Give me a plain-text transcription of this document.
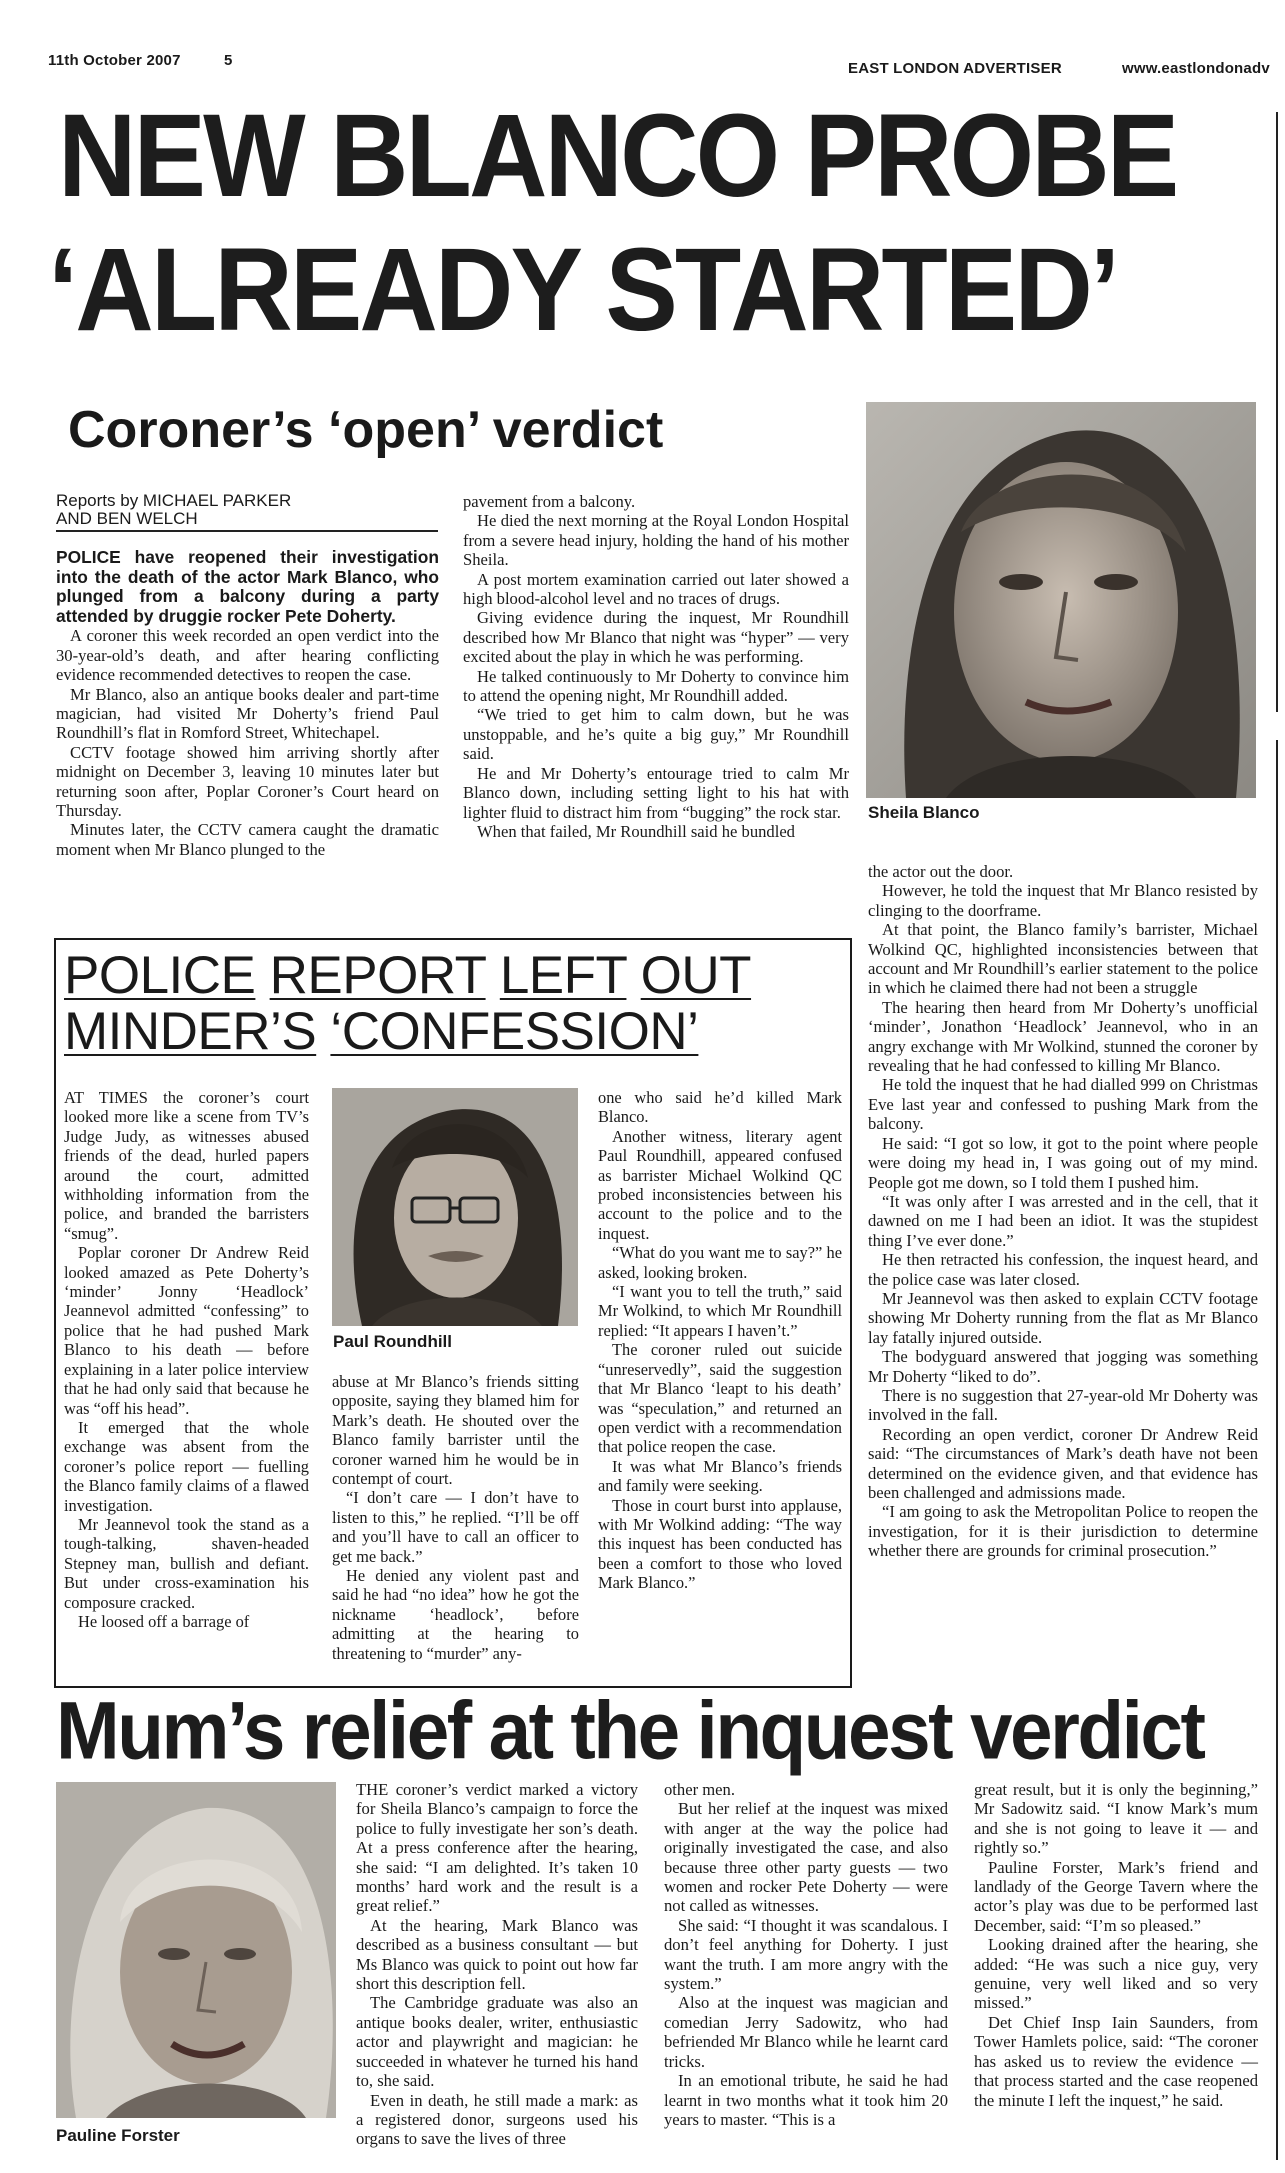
11th October 2007	5	EAST LONDON ADVERTISER	www.eastlondonadv
NEW BLANCO PROBE
‘ALREADY STARTED’
Coroner’s ‘open’ verdict
Sheila Blanco
Reports by MICHAEL PARKER
AND BEN WELCH

POLICE have reopened their investigation into the death of the actor Mark Blanco, who plunged from a balcony during a party attended by druggie rocker Pete Doherty.

A coroner this week recorded an open verdict into the 30-year-old’s death, and after hearing conflicting evidence recommended detectives to reopen the case.

Mr Blanco, also an antique books dealer and part-time magician, had visited Mr Doherty’s friend Paul Roundhill’s flat in Romford Street, Whitechapel.

CCTV footage showed him arriving shortly after midnight on December 3, leaving 10 minutes later but returning soon after, Poplar Coroner’s Court heard on Thursday.

Minutes later, the CCTV camera caught the dramatic moment when Mr Blanco plunged to the

pavement from a balcony.

He died the next morning at the Royal London Hospital from a severe head injury, holding the hand of his mother Sheila.

A post mortem examination carried out later showed a high blood-alcohol level and no traces of drugs.

Giving evidence during the inquest, Mr Roundhill described how Mr Blanco that night was “hyper” — very excited about the play in which he was performing.

He talked continuously to Mr Doherty to convince him to attend the opening night, Mr Roundhill added.

“We tried to get him to calm down, but he was unstoppable, and he’s quite a big guy,” Mr Roundhill said.

He and Mr Doherty’s entourage tried to calm Mr Blanco down, including setting light to his hat with lighter fluid to distract him from “bugging” the rock star.

When that failed, Mr Roundhill said he bundled

the actor out the door.

However, he told the inquest that Mr Blanco resisted by clinging to the doorframe.

At that point, the Blanco family’s barrister, Michael Wolkind QC, highlighted inconsistencies between that account and Mr Roundhill’s earlier statement to the police in which he claimed there had not been a struggle

The hearing then heard from Mr Doherty’s unofficial ‘minder’, Jonathon ‘Headlock’ Jeannevol, who in an angry exchange with Mr Wolkind, stunned the coroner by revealing that he had confessed to killing Mr Blanco.

He told the inquest that he had dialled 999 on Christmas Eve last year and confessed to pushing Mark from the balcony.

He said: “I got so low, it got to the point where people were doing my head in, I was going out of my mind. People got me down, so I told them I pushed him.

“It was only after I was arrested and in the cell, that it dawned on me I had been an idiot. It was the stupidest thing I’ve ever done.”

He then retracted his confession, the inquest heard, and the police case was later closed.

Mr Jeannevol was then asked to explain CCTV footage showing Mr Doherty running from the flat as Mr Blanco lay fatally injured outside.

The bodyguard answered that jogging was something Mr Doherty “liked to do”.

There is no suggestion that 27-year-old Mr Doherty was involved in the fall.

Recording an open verdict, coroner Dr Andrew Reid said: “The circumstances of Mark’s death have not been determined on the evidence given, and that evidence has been challenged and admissions made.

“I am going to ask the Metropolitan Police to reopen the investigation, for it is their jurisdiction to determine whether there are grounds for criminal prosecution.”

POLICE REPORT LEFT OUT
MINDER’S ‘CONFESSION’

AT TIMES the coroner’s court looked more like a scene from TV’s Judge Judy, as witnesses abused friends of the dead, hurled papers around the court, admitted withholding information from the police, and branded the barristers “smug”.

Poplar coroner Dr Andrew Reid looked amazed as Pete Doherty’s ‘minder’ Jonny ‘Headlock’ Jeannevol admitted “confessing” to police that he had pushed Mark Blanco to his death — before explaining in a later police interview that he had only said that because he was “off his head”.

It emerged that the whole exchange was absent from the coroner’s police report — fuelling the Blanco family claims of a flawed investigation.

Mr Jeannevol took the stand as a tough-talking, shaven-headed Stepney man, bullish and defiant. But under cross-examination his composure cracked.

He loosed off a barrage of

Paul Roundhill

abuse at Mr Blanco’s friends sitting opposite, saying they blamed him for Mark’s death. He shouted over the Blanco family barrister until the coroner warned him he would be in contempt of court.

“I don’t care — I don’t have to listen to this,” he replied. “I’ll be off and you’ll have to call an officer to get me back.”

He denied any violent past and said he had “no idea” how he got the nickname ‘headlock’, before admitting at the hearing to threatening to “murder” any-

one who said he’d killed Mark Blanco.

Another witness, literary agent Paul Roundhill, appeared confused as barrister Michael Wolkind QC probed inconsistencies between his account to the police and to the inquest.

“What do you want me to say?” he asked, looking broken.

“I want you to tell the truth,” said Mr Wolkind, to which Mr Roundhill replied: “It appears I haven’t.”

The coroner ruled out suicide “unreservedly”, said the suggestion that Mr Blanco ‘leapt to his death’ was “speculation,” and returned an open verdict with a recommendation that police reopen the case.

It was what Mr Blanco’s friends and family were seeking.

Those in court burst into applause, with Mr Wolkind adding: “The way this inquest has been conducted has been a comfort to those who loved Mark Blanco.”

Mum’s relief at the inquest verdict
Pauline Forster

THE coroner’s verdict marked a victory for Sheila Blanco’s campaign to force the police to fully investigate her son’s death. At a press conference after the hearing, she said: “I am delighted. It’s taken 10 months’ hard work and the result is a great relief.”

At the hearing, Mark Blanco was described as a business consultant — but Ms Blanco was quick to point out how far short this description fell.

The Cambridge graduate was also an antique books dealer, writer, enthusiastic actor and playwright and magician: he succeeded in whatever he turned his hand to, she said.

Even in death, he still made a mark: as a registered donor, surgeons used his organs to save the lives of three

other men.

But her relief at the inquest was mixed with anger at the way the police had originally investigated the case, and also because three other party guests — two women and rocker Pete Doherty — were not called as witnesses.

She said: “I thought it was scandalous. I don’t feel anything for Doherty. I just want the truth. I am more angry with the system.”

Also at the inquest was magician and comedian Jerry Sadowitz, who had befriended Mr Blanco while he learnt card tricks.

In an emotional tribute, he said he had learnt in two months what it took him 20 years to master. “This is a

great result, but it is only the beginning,” Mr Sadowitz said. “I know Mark’s mum and she is not going to leave it — and rightly so.”

Pauline Forster, Mark’s friend and landlady of the George Tavern where the actor’s play was due to be performed last December, said: “I’m so pleased.”

Looking drained after the hearing, she added: “He was such a nice guy, very genuine, very well liked and so very missed.”

Det Chief Insp Iain Saunders, from Tower Hamlets police, said: “The coroner has asked us to review the evidence — that process started and the case reopened the minute I left the inquest,” he said.
